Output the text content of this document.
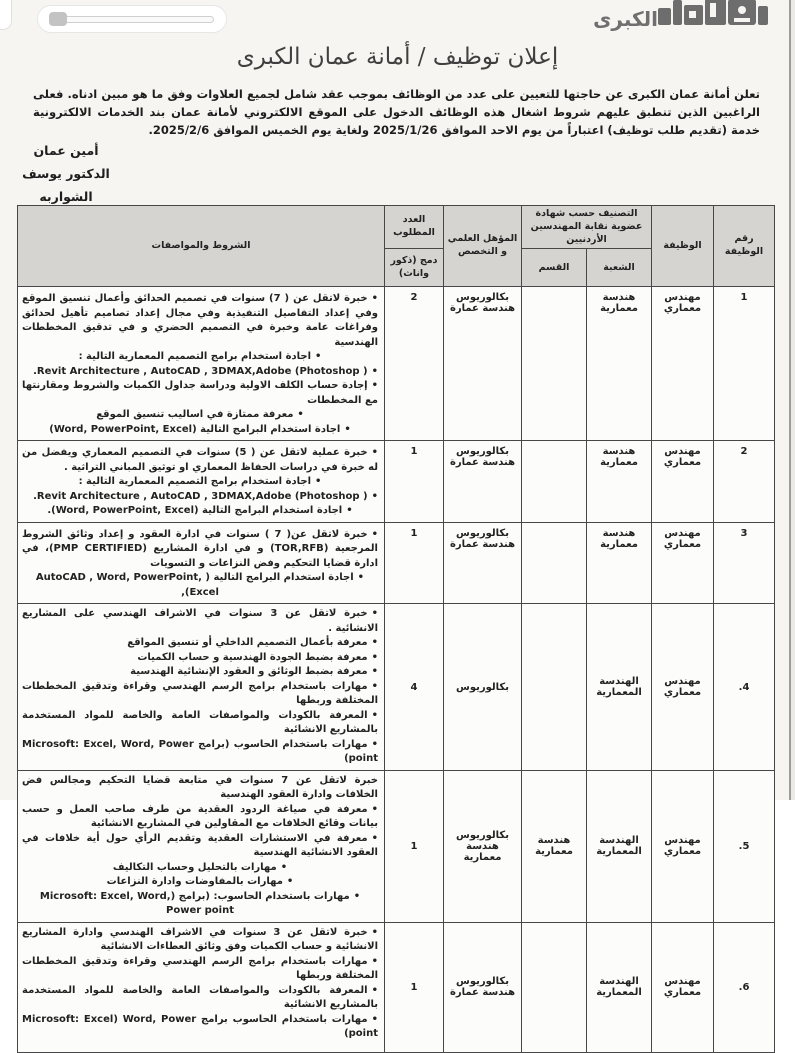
الكبرى
إعلان توظيف / أمانة عمان الكبرى
تعلن أمانة عمان الكبرى عن حاجتها للتعيين على عدد من الوظائف بموجب عقد شامل لجميع العلاوات وفق ما هو مبين ادناه. فعلى الراغبين الذين تنطبق عليهم شروط اشغال هذه الوظائف الدخول على الموقع الالكتروني لأمانة عمان بند الخدمات الالكترونية خدمة (تقديم طلب توظيف) اعتباراً من يوم الاحد الموافق 2025/1/26 ولغاية يوم الخميس الموافق 2025/2/6.
أمين عمان
الدكتور يوسف
الشواربه
رقم الوظيفة	الوظيفة	التصنيف حسب شهادة عضوية نقابة المهندسين الأردنيين		المؤهل العلمي و التخصص	العدد المطلوب	الشروط والمواصفات
		الشعبة	القسم		دمج (ذكور واناث)	
1	مهندس معماري	هندسة معمارية		بكالوريوس هندسة عمارة	2	
•خبرة لاتقل عن ( 7) سنوات في تصميم الحدائق وأعمال تنسيق الموقع وفي إعداد التفاصيل التنفيذية وفي مجال إعداد تصاميم تأهيل لحدائق وفراغات عامة وخبرة في التصميم الحضري و في تدقيق المخططات الهندسية
•اجادة استخدام برامج التصميم المعمارية التالية :
•( Revit Architecture , AutoCAD , 3DMAX,Adobe (Photoshop.
•إجادة حساب الكلف الاولية ودراسة جداول الكميات والشروط ومقارنتها مع المخططات
•معرفة ممتازة في اساليب تنسيق الموقع
•اجادة استخدام البرامج التالية (Word, PowerPoint, Excel)

2	مهندس معماري	هندسة معمارية		بكالوريوس هندسة عمارة	1	•خبرة عملية لاتقل عن ( 5) سنوات في التصميم المعماري ويفضل من له خبرة في دراسات الحفاظ المعماري او توثيق المباني التراثية .
•اجادة استخدام برامج التصميم المعمارية التالية :
•( Revit Architecture , AutoCAD , 3DMAX,Adobe (Photoshop.
•اجادة استخدام البرامج التالية (Word, PowerPoint, Excel).

3	مهندس معماري	هندسة معمارية		بكالوريوس هندسة عمارة	1	•خبرة لاتقل عن( 7 ) سنوات في ادارة العقود و إعداد وثائق الشروط المرجعية (TOR,RFB) و في ادارة المشاريع (PMP CERTIFIED)، في ادارة قضايا التحكيم وفض النزاعات و التسويات
•اجادة استخدام البرامج التالية ( AutoCAD , Word, PowerPoint, (Excel,

4.	مهندس معماري	الهندسة المعمارية		بكالوريوس	4	
•خبرة لاتقل عن 3 سنوات في الاشراف الهندسي على المشاريع الانشائية .
•معرفة بأعمال التصميم الداخلي أو تنسيق المواقع
•معرفة بضبط الجودة الهندسية و حساب الكميات
•معرفة بضبط الوثائق و العقود الإنشائية الهندسية
•مهارات باستخدام برامج الرسم الهندسي وقراءة وتدقيق المخططات المختلفة وربطها
•المعرفة بالكودات والمواصفات العامة والخاصة للمواد المستخدمة بالمشاريع الانشائية
•مهارات باستخدام الحاسوب (برامج Microsoft: Excel, Word, Power (point

5.	مهندس معماري	الهندسة المعمارية	هندسة معمارية	بكالوريوس هندسة معمارية	1	
خبرة لاتقل عن 7 سنوات في متابعة قضايا التحكيم ومجالس فض الخلافات وادارة العقود الهندسية
•معرفة في صياغة الردود العقدية من طرف صاحب العمل و حسب بيانات وقائع الخلافات مع المقاولين في المشاريع الانشائية
•معرفة في الاستشارات العقدية وتقديم الرأي حول أية خلافات في العقود الانشائية الهندسية
•مهارات بالتحليل وحساب التكاليف
•مهارات بالمفاوضات وادارة النزاعات
•مهارات باستخدام الحاسوب: (برامج (Microsoft: Excel, Word, Power point

6.	مهندس معماري	الهندسة المعمارية		بكالوريوس هندسة عمارة	1	•خبرة لاتقل عن 3 سنوات في الاشراف الهندسي وادارة المشاريع الانشائية و حساب الكميات وفق وثائق العطاءات الانشائية
•مهارات باستخدام برامج الرسم الهندسي وقراءة وتدقيق المخططات المختلفة وربطها
•المعرفة بالكودات والمواصفات العامة والخاصة للمواد المستخدمة بالمشاريع الانشائية
•مهارات باستخدام الحاسوب برامج Microsoft: Excel) Word, Power (point
